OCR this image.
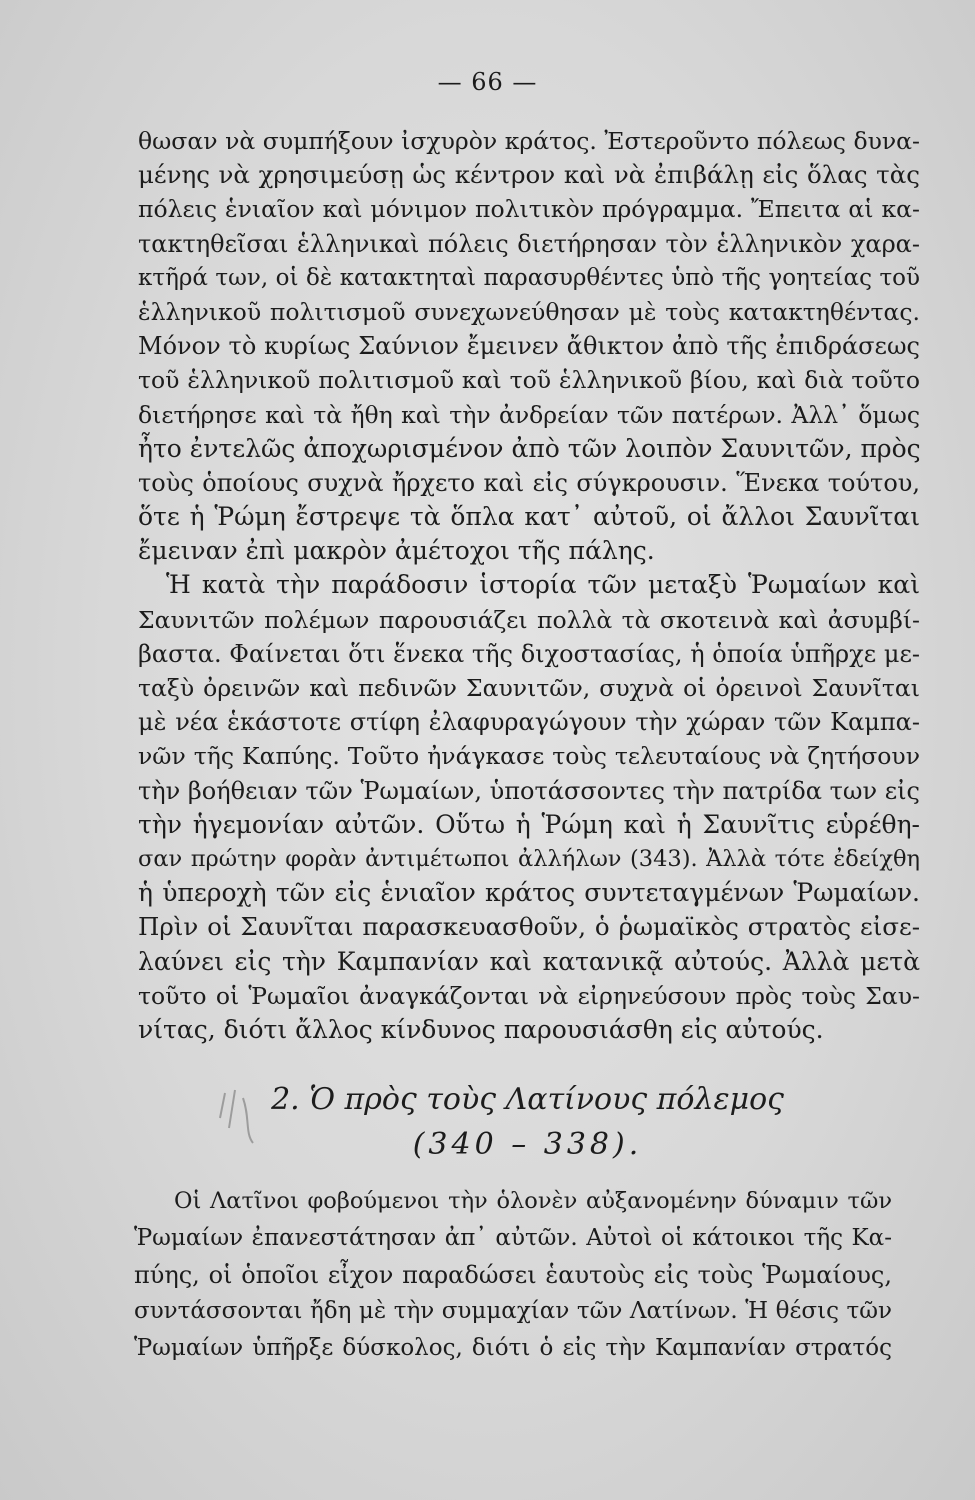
— 66 —
θωσαν νὰ συμπήξουν ἰσχυρὸν κράτος. Ἐστεροῦντο πόλεως δυνα-
μένης νὰ χρησιμεύσῃ ὡς κέντρον καὶ νὰ ἐπιβάλῃ εἰς ὅλας τὰς
πόλεις ἑνιαῖον καὶ μόνιμον πολιτικὸν πρόγραμμα. Ἔπειτα αἱ κα-
τακτηθεῖσαι ἑλληνικαὶ πόλεις διετήρησαν τὸν ἑλληνικὸν χαρα-
κτῆρά των, οἱ δὲ κατακτηταὶ παρασυρθέντες ὑπὸ τῆς γοητείας τοῦ
ἑλληνικοῦ πολιτισμοῦ συνεχωνεύθησαν μὲ τοὺς κατακτηθέντας.
Μόνον τὸ κυρίως Σαύνιον ἔμεινεν ἄθικτον ἀπὸ τῆς ἐπιδράσεως
τοῦ ἑλληνικοῦ πολιτισμοῦ καὶ τοῦ ἑλληνικοῦ βίου, καὶ διὰ τοῦτο
διετήρησε καὶ τὰ ἤθη καὶ τὴν ἀνδρείαν τῶν πατέρων. Ἀλλ᾽ ὅμως
ἦτο ἐντελῶς ἀποχωρισμένον ἀπὸ τῶν λοιπὸν Σαυνιτῶν, πρὸς
τοὺς ὁποίους συχνὰ ἤρχετο καὶ εἰς σύγκρουσιν. Ἕνεκα τούτου,
ὅτε ἡ Ῥώμη ἔστρεψε τὰ ὅπλα κατ᾽ αὐτοῦ, οἱ ἄλλοι Σαυνῖται
ἔμειναν ἐπὶ μακρὸν ἀμέτοχοι τῆς πάλης.
Ἡ κατὰ τὴν παράδοσιν ἱστορία τῶν μεταξὺ Ῥωμαίων καὶ
Σαυνιτῶν πολέμων παρουσιάζει πολλὰ τὰ σκοτεινὰ καὶ ἀσυμβί-
βαστα. Φαίνεται ὅτι ἕνεκα τῆς διχοστασίας, ἡ ὁποία ὑπῆρχε με-
ταξὺ ὀρεινῶν καὶ πεδινῶν Σαυνιτῶν, συχνὰ οἱ ὀρεινοὶ Σαυνῖται
μὲ νέα ἑκάστοτε στίφη ἐλαφυραγώγουν τὴν χώραν τῶν Καμπα-
νῶν τῆς Καπύης. Τοῦτο ἠνάγκασε τοὺς τελευταίους νὰ ζητήσουν
τὴν βοήθειαν τῶν Ῥωμαίων, ὑποτάσσοντες τὴν πατρίδα των εἰς
τὴν ἡγεμονίαν αὐτῶν. Οὕτω ἡ Ῥώμη καὶ ἡ Σαυνῖτις εὑρέθη-
σαν πρώτην φορὰν ἀντιμέτωποι ἀλλήλων (343). Ἀλλὰ τότε ἐδείχθη
ἡ ὑπεροχὴ τῶν εἰς ἑνιαῖον κράτος συντεταγμένων Ῥωμαίων.
Πρὶν οἱ Σαυνῖται παρασκευασθοῦν, ὁ ῥωμαϊκὸς στρατὸς εἰσε-
λαύνει εἰς τὴν Καμπανίαν καὶ κατανικᾷ αὐτούς. Ἀλλὰ μετὰ
τοῦτο οἱ Ῥωμαῖοι ἀναγκάζονται νὰ εἰρηνεύσουν πρὸς τοὺς Σαυ-
νίτας, διότι ἄλλος κίνδυνος παρουσιάσθη εἰς αὐτούς.
2. Ὁ πρὸς τοὺς Λατίνους πόλεμος
(340 – 338).
Οἱ Λατῖνοι φοβούμενοι τὴν ὁλονὲν αὐξανομένην δύναμιν τῶν
Ῥωμαίων ἐπανεστάτησαν ἀπ᾽ αὐτῶν. Αὐτοὶ οἱ κάτοικοι τῆς Κα-
πύης, οἱ ὁποῖοι εἶχον παραδώσει ἑαυτοὺς εἰς τοὺς Ῥωμαίους,
συντάσσονται ἤδη μὲ τὴν συμμαχίαν τῶν Λατίνων. Ἡ θέσις τῶν
Ῥωμαίων ὑπῆρξε δύσκολος, διότι ὁ εἰς τὴν Καμπανίαν στρατός
